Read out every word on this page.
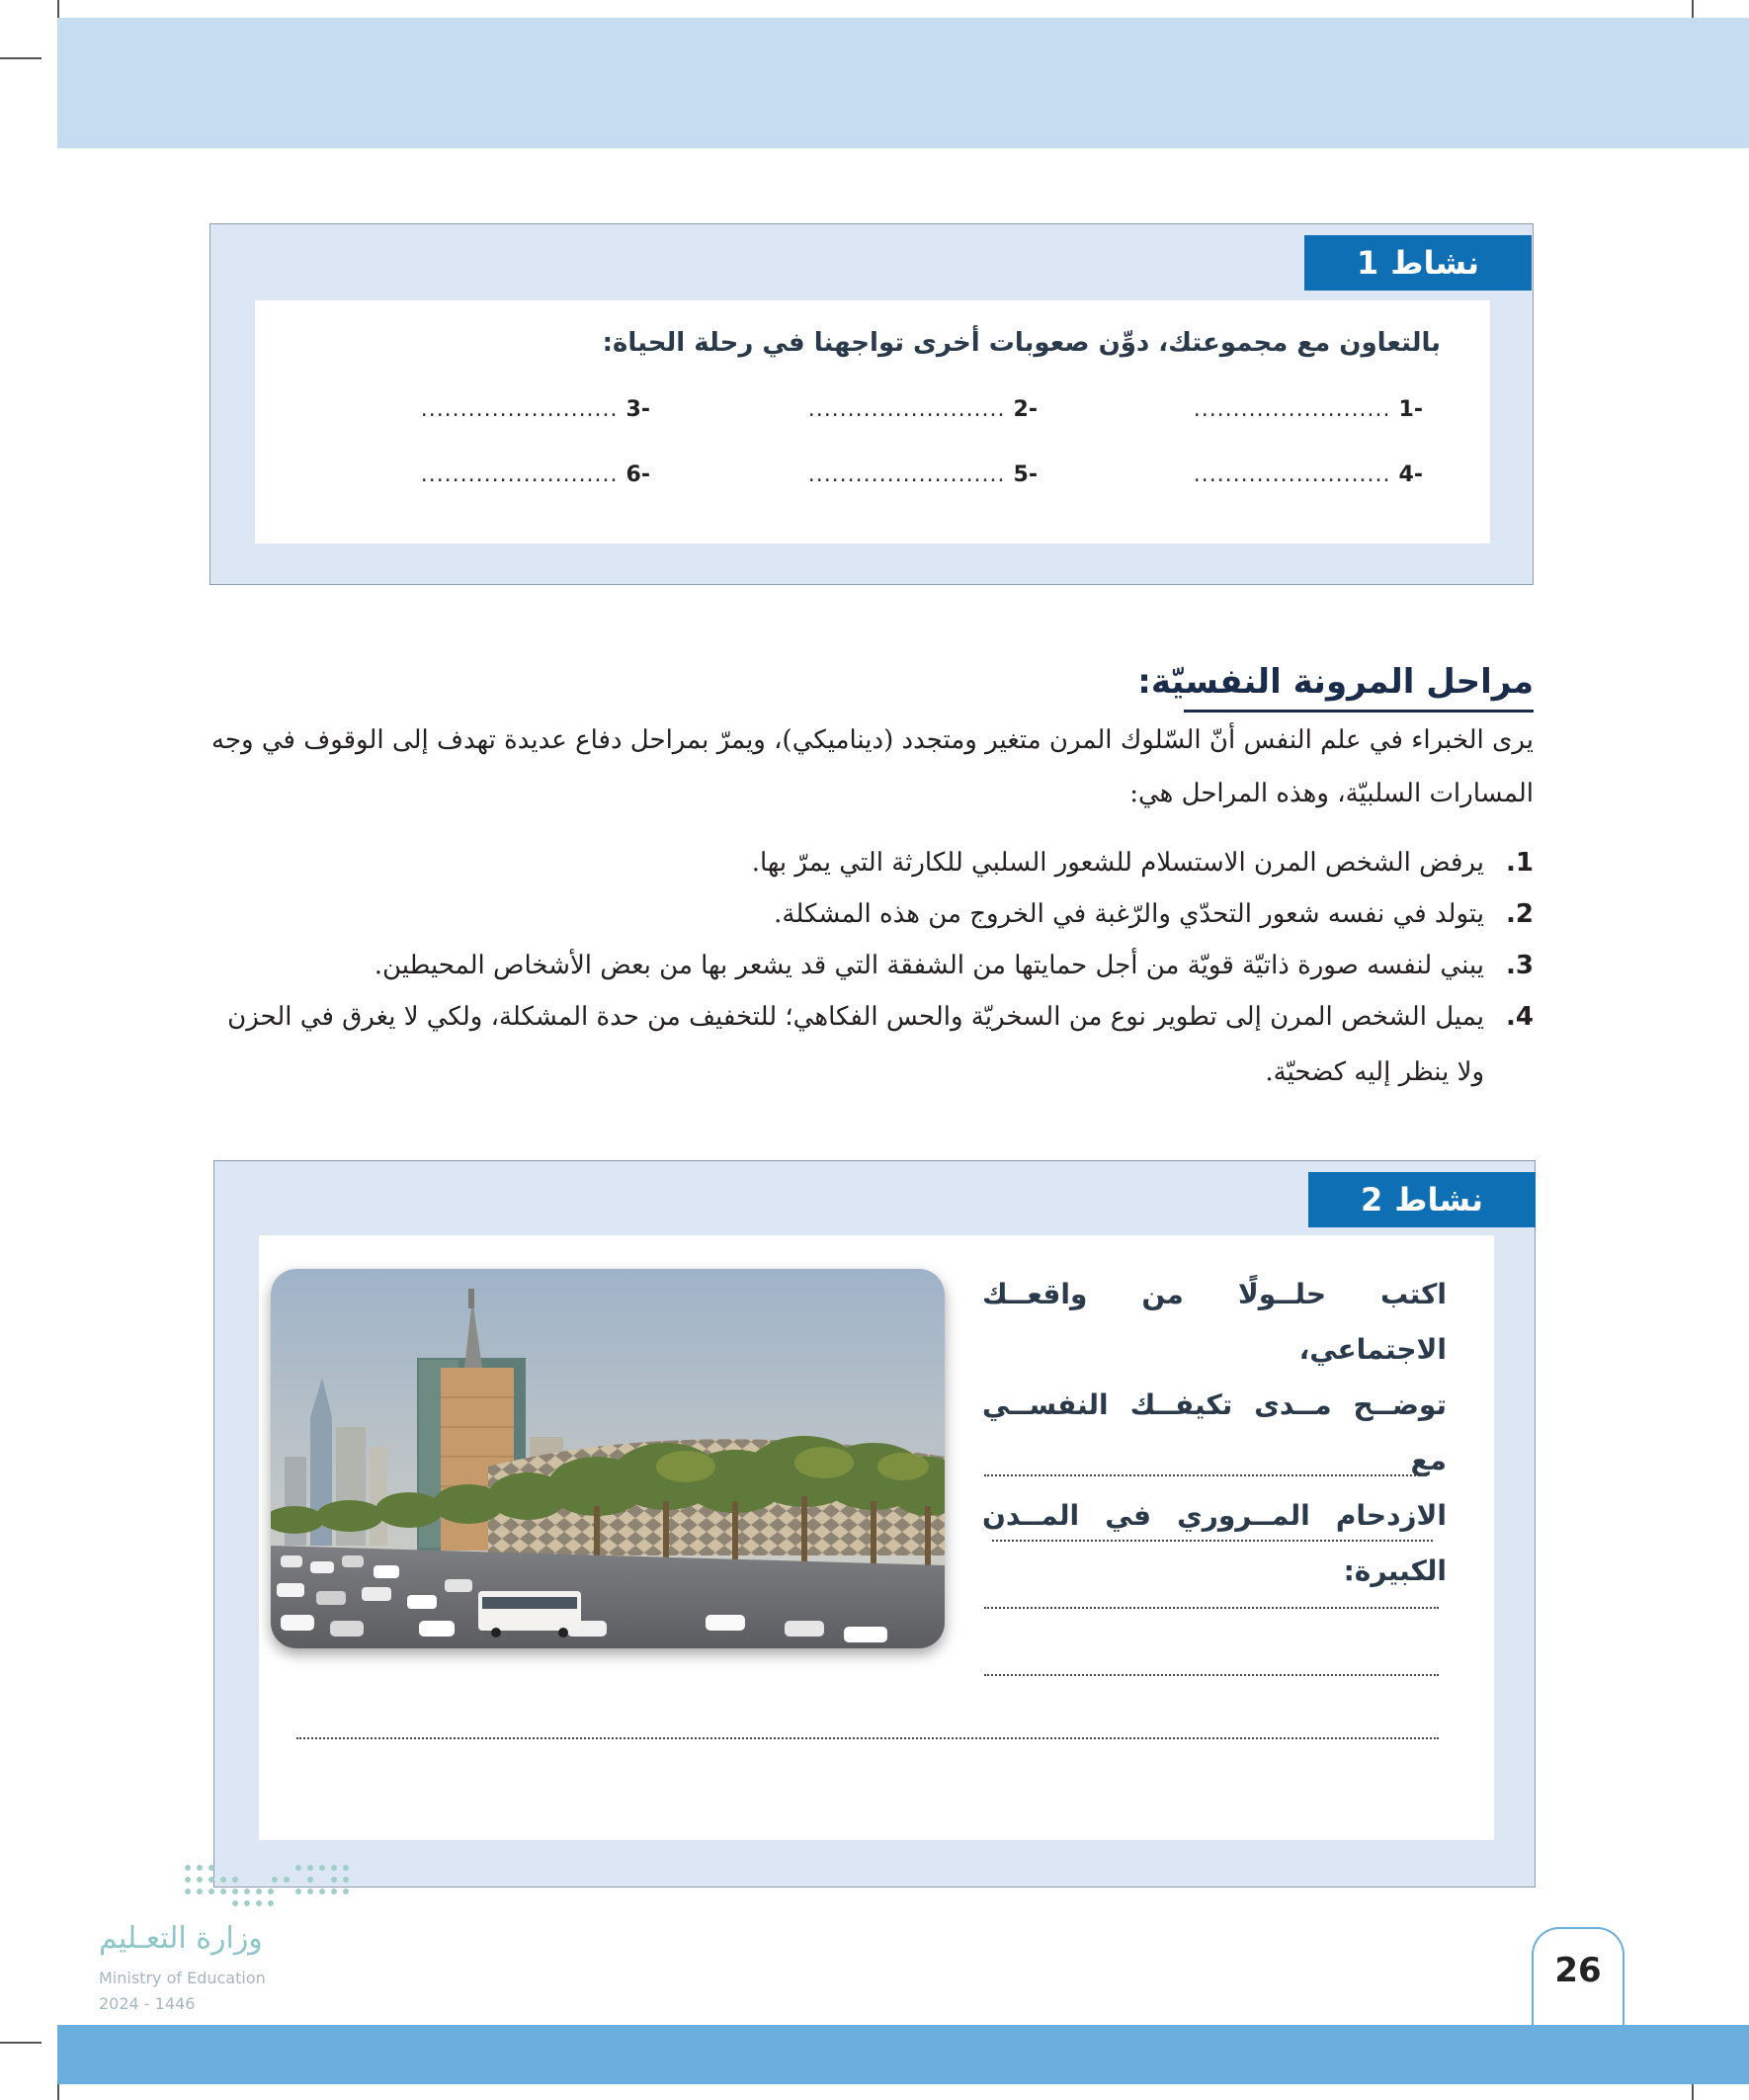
نشاط
1
بالتعاون مع مجموعتك، دوِّن صعوبات أخرى تواجهنا في رحلة الحياة:
-1
.........................
-2
.........................
-3
.........................
-4
.........................
-5
.........................
-6
.........................
مراحل المرونة النفسيّة:
يرى الخبراء في علم النفس أنّ السّلوك المرن متغير ومتجدد (ديناميكي)، ويمرّ بمراحل دفاع عديدة تهدف إلى الوقوف في وجه المسارات السلبيّة، وهذه المراحل هي:
1.يرفض الشخص المرن الاستسلام للشعور السلبي للكارثة التي يمرّ بها.
2.يتولد في نفسه شعور التحدّي والرّغبة في الخروج من هذه المشكلة.
3.يبني لنفسه صورة ذاتيّة قويّة من أجل حمايتها من الشفقة التي قد يشعر بها من بعض الأشخاص المحيطين.
4.يميل الشخص المرن إلى تطوير نوع من السخريّة والحس الفكاهي؛ للتخفيف من حدة المشكلة، ولكي لا يغرق في الحزن
ولا ينظر إليه كضحيّة.
نشاط
2
اكتب حلــولًا من واقعــك الاجتماعي،
توضــح مــدى تكيفــك النفســي مع
الازدحام المــروري في المــدن الكبيرة:
وزارة التعـليم
Ministry of Education
2024 - 1446
26
